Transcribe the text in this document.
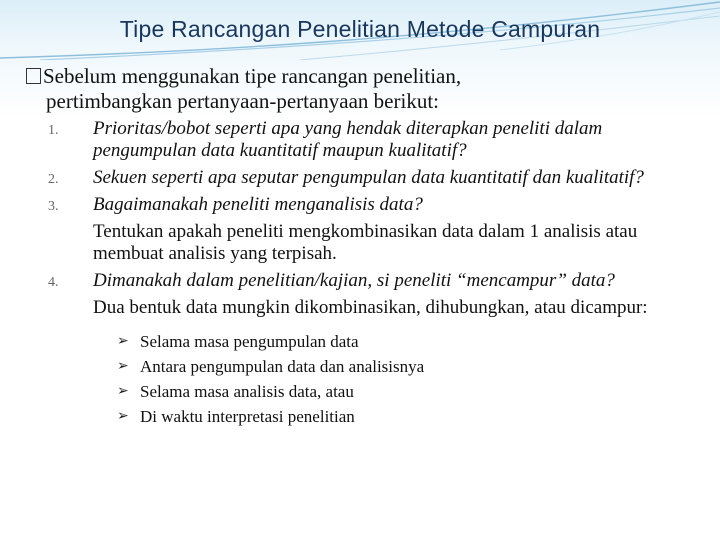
Tipe Rancangan Penelitian Metode Campuran
Sebelum menggunakan tipe rancangan penelitian,
pertimbangkan pertanyaan-pertanyaan berikut:
1. Prioritas/bobot seperti apa yang hendak diterapkan peneliti dalam pengumpulan data kuantitatif maupun kualitatif?
2. Sekuen seperti apa seputar pengumpulan data kuantitatif dan kualitatif?
3. Bagaimanakah peneliti menganalisis data?
Tentukan apakah peneliti mengkombinasikan data dalam 1 analisis atau membuat analisis yang terpisah.
4. Dimanakah dalam penelitian/kajian, si peneliti “mencampur” data?
Dua bentuk data mungkin dikombinasikan, dihubungkan, atau dicampur:
➢ Selama masa pengumpulan data
➢ Antara pengumpulan data dan analisisnya
➢ Selama masa analisis data, atau
➢ Di waktu interpretasi penelitian
